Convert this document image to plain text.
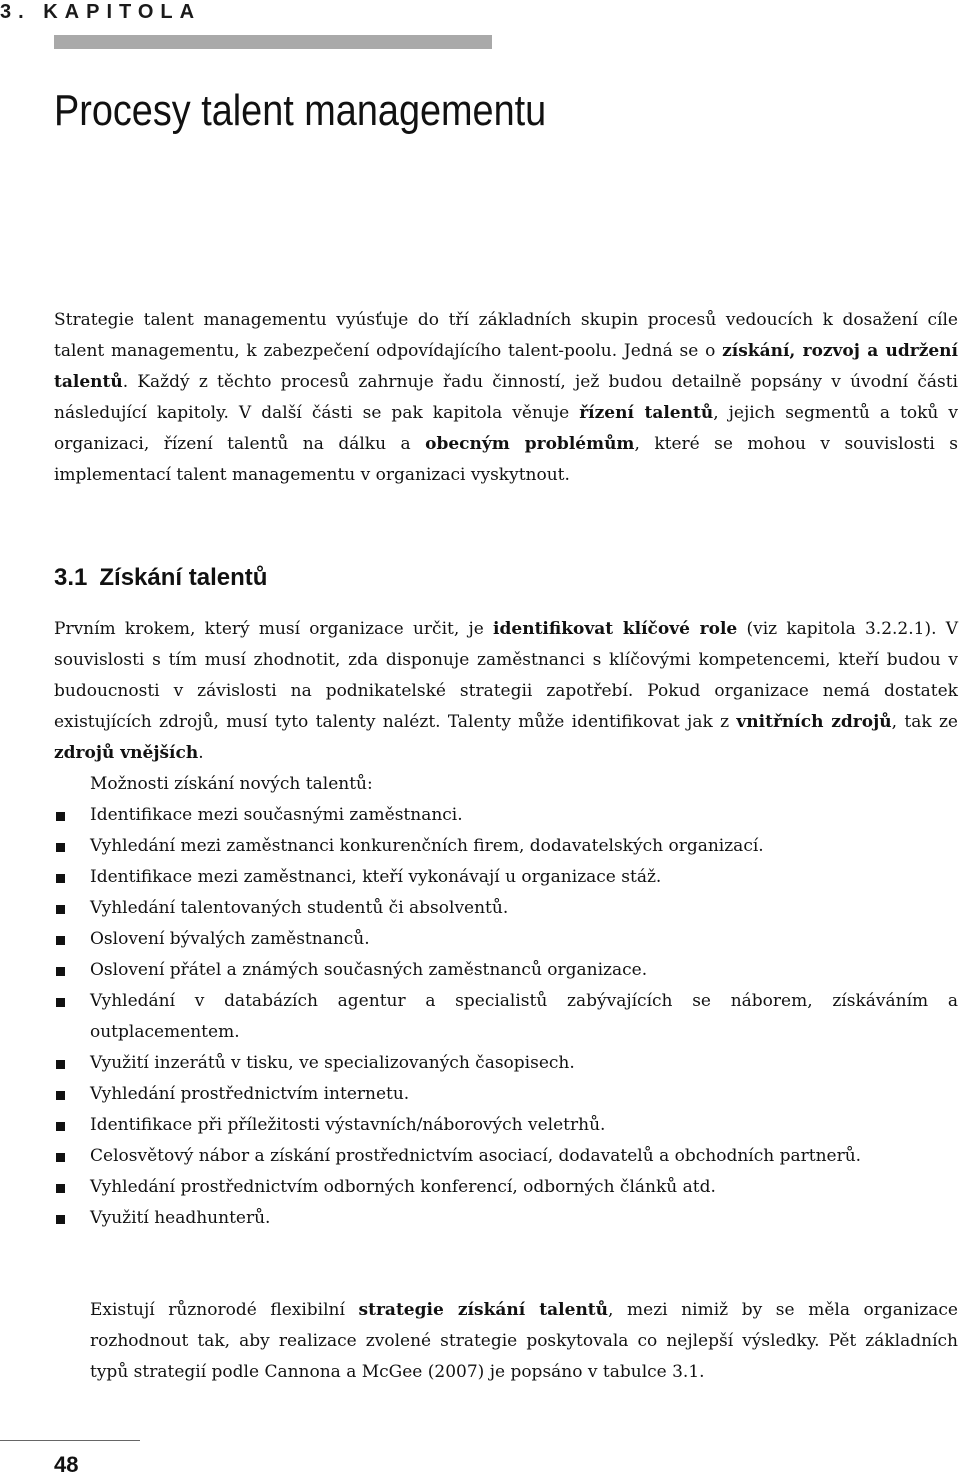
3. KAPITOLA
Procesy talent managementu

Strategie talent managementu vyúsťuje do tří základních skupin procesů vedoucích k dosažení cíle talent managementu, k zabezpečení odpovídajícího talent-poolu. Jedná se o získání, rozvoj a udržení talentů. Každý z těchto procesů zahrnuje řadu činností, jež budou detailně popsány v úvodní části následující kapitoly. V další části se pak kapitola věnuje řízení talentů, jejich segmentů a toků v organizaci, řízení talentů na dálku a obecným problémům, které se mohou v souvislosti s implementací talent managementu v organizaci vyskytnout.

3.1 Získání talentů

Prvním krokem, který musí organizace určit, je identifikovat klíčové role (viz kapitola 3.2.2.1). V souvislosti s tím musí zhodnotit, zda disponuje zaměstnanci s klíčovými kompetencemi, kteří budou v budoucnosti v závislosti na podnikatelské strategii zapotřebí. Pokud organizace nemá dostatek existujících zdrojů, musí tyto talenty nalézt. Talenty může identifikovat jak z vnitřních zdrojů, tak ze zdrojů vnějších.

Možnosti získání nových talentů:

Identifikace mezi současnými zaměstnanci.
Vyhledání mezi zaměstnanci konkurenčních firem, dodavatelských organizací.
Identifikace mezi zaměstnanci, kteří vykonávají u organizace stáž.
Vyhledání talentovaných studentů či absolventů.
Oslovení bývalých zaměstnanců.
Oslovení přátel a známých současných zaměstnanců organizace.
Vyhledání v databázích agentur a specialistů zabývajících se náborem, získáváním a outplacementem.
Využití inzerátů v tisku, ve specializovaných časopisech.
Vyhledání prostřednictvím internetu.
Identifikace při příležitosti výstavních/náborových veletrhů.
Celosvětový nábor a získání prostřednictvím asociací, dodavatelů a obchodních partnerů.
Vyhledání prostřednictvím odborných konferencí, odborných článků atd.
Využití headhunterů.

Existují různorodé flexibilní strategie získání talentů, mezi nimiž by se měla organizace rozhodnout tak, aby realizace zvolené strategie poskytovala co nejlepší výsledky. Pět základních typů strategií podle Cannona a McGee (2007) je popsáno v tabulce 3.1.

48
